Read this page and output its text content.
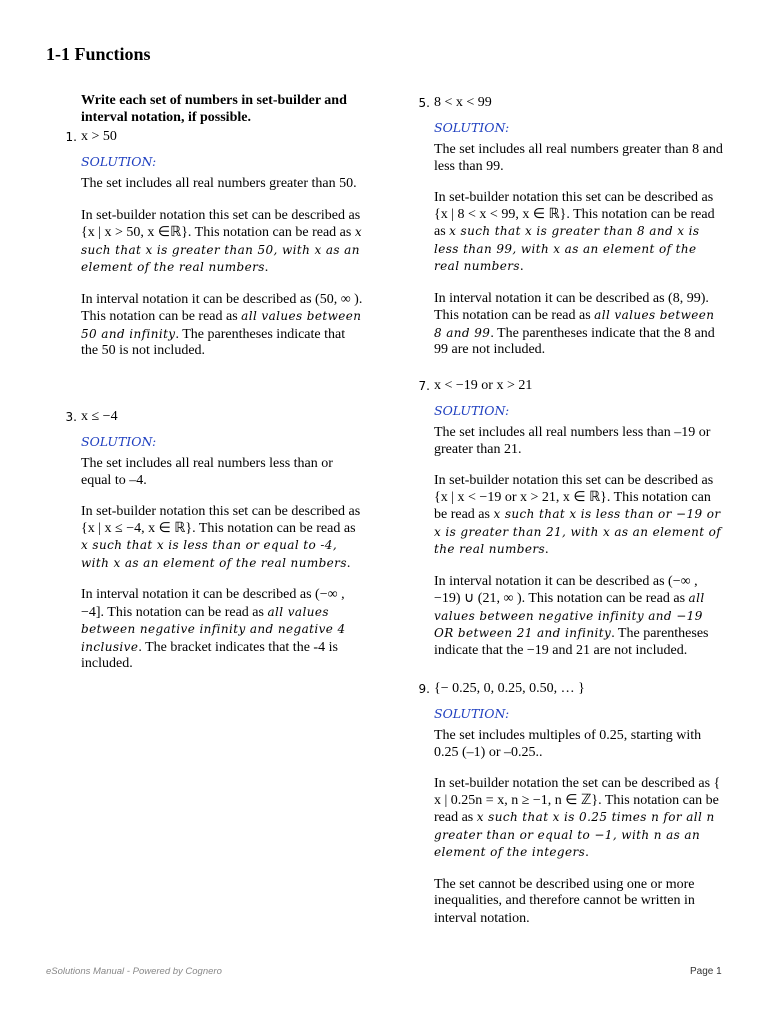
1-1 Functions

Write each set of numbers in set-builder and interval notation, if possible.

1. x > 50

SOLUTION:

The set includes all real numbers greater than 50.

In set-builder notation this set can be described as {x | x > 50, x ∈ℝ}. This notation can be read as x such that x is greater than 50, with x as an element of the real numbers.

In interval notation it can be described as (50, ∞ ). This notation can be read as all values between 50 and infinity. The parentheses indicate that the 50 is not included.

3. x ≤ −4

SOLUTION:

The set includes all real numbers less than or equal to –4.

In set-builder notation this set can be described as {x | x ≤ −4, x ∈ ℝ}. This notation can be read as x such that x is less than or equal to -4, with x as an element of the real numbers.

In interval notation it can be described as (−∞ , −4]. This notation can be read as all values between negative infinity and negative 4 inclusive. The bracket indicates that the -4 is included.

5. 8 < x < 99

SOLUTION:

The set includes all real numbers greater than 8 and less than 99.

In set-builder notation this set can be described as {x | 8 < x < 99, x ∈ ℝ}. This notation can be read as x such that x is greater than 8 and x is less than 99, with x as an element of the real numbers.

In interval notation it can be described as (8, 99). This notation can be read as all values between 8 and 99. The parentheses indicate that the 8 and 99 are not included.

7. x < −19 or x > 21

SOLUTION:

The set includes all real numbers less than –19 or greater than 21.

In set-builder notation this set can be described as {x | x < −19 or x > 21, x ∈ ℝ}. This notation can be read as x such that x is less than or −19 or x is greater than 21, with x as an element of the real numbers.

In interval notation it can be described as (−∞ , −19) ∪ (21, ∞ ). This notation can be read as all values between negative infinity and −19 OR between 21 and infinity. The parentheses indicate that the −19 and 21 are not included.

9. {− 0.25, 0, 0.25, 0.50, … }

SOLUTION:

The set includes multiples of 0.25, starting with 0.25 (–1) or –0.25..

In set-builder notation the set can be described as { x | 0.25n = x, n ≥ −1, n ∈ ℤ}. This notation can be read as x such that x is 0.25 times n for all n greater than or equal to −1, with n as an element of the integers.

The set cannot be described using one or more inequalities, and therefore cannot be written in interval notation.

eSolutions Manual - Powered by Cognero	Page 1
